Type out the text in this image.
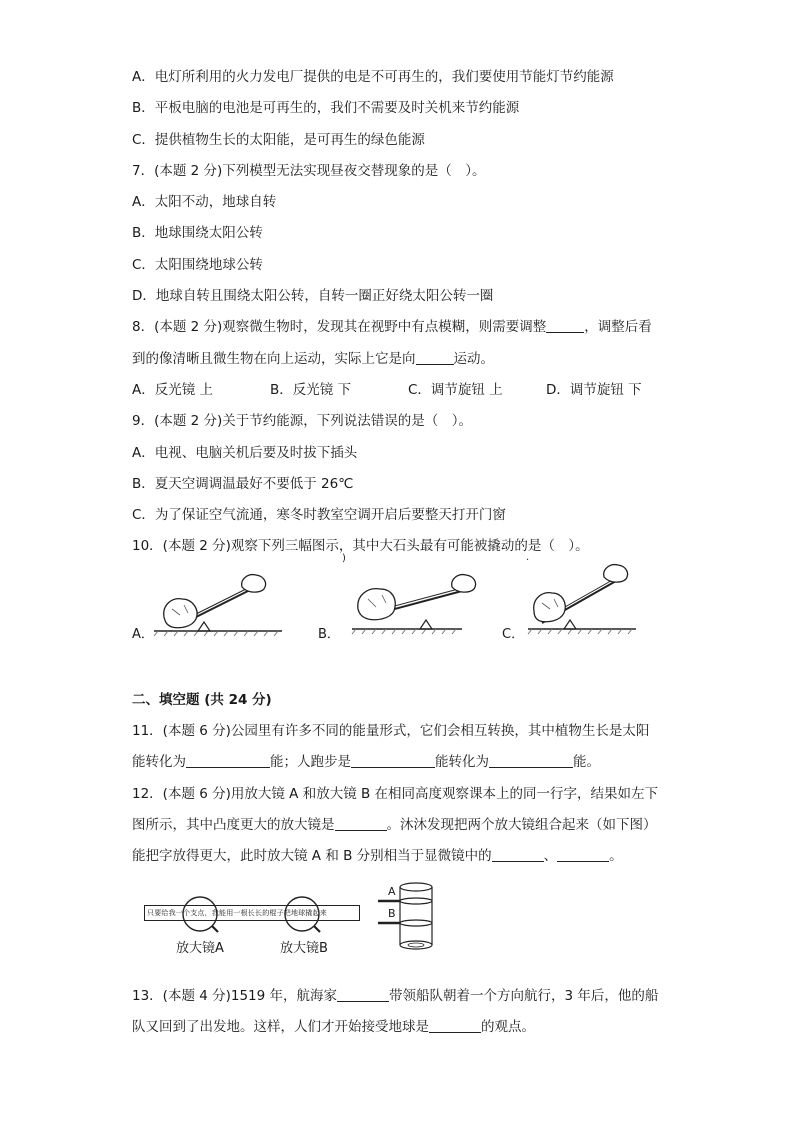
A．电灯所利用的火力发电厂提供的电是不可再生的，我们要使用节能灯节约能源
B．平板电脑的电池是可再生的，我们不需要及时关机来节约能源
C．提供植物生长的太阳能，是可再生的绿色能源
7．(本题 2 分)下列模型无法实现昼夜交替现象的是（　）。
A．太阳不动，地球自转
B．地球围绕太阳公转
C．太阳围绕地球公转
D．地球自转且围绕太阳公转，自转一圈正好绕太阳公转一圈
8．(本题 2 分)观察微生物时，发现其在视野中有点模糊，则需要调整	，调整后看
到的像清晰且微生物在向上运动，实际上它是向	运动。
A．反光镜 上	B．反光镜 下	C．调节旋钮 上	D．调节旋钮 下
9．(本题 2 分)关于节约能源，下列说法错误的是（　）。
A．电视、电脑关机后要及时拔下插头
B．夏天空调调温最好不要低于 26℃
C．为了保证空气流通，寒冬时教室空调开启后要整天打开门窗
10．(本题 2 分)观察下列三幅图示，其中大石头最有可能被撬动的是（　）。
A．
)
B．
·
C．
二、填空题 (共 24 分)
11．(本题 6 分)公园里有许多不同的能量形式，它们会相互转换，其中植物生长是太阳
能转化为	能；人跑步是	能转化为	能。
12．(本题 6 分)用放大镜 A 和放大镜 B 在相同高度观察课本上的同一行字，结果如左下
图所示，其中凸度更大的放大镜是	。沐沐发现把两个放大镜组合起来（如下图）
能把字放得更大，此时放大镜 A 和 B 分别相当于显微镜中的	、	。
只要给我一个支点，我能用一根长长的棍子把地球撬起来
放大镜A	放大镜B
A
B
13．(本题 4 分)1519 年，航海家	带领船队朝着一个方向航行，3 年后，他的船
队又回到了出发地。这样，人们才开始接受地球是	的观点。
